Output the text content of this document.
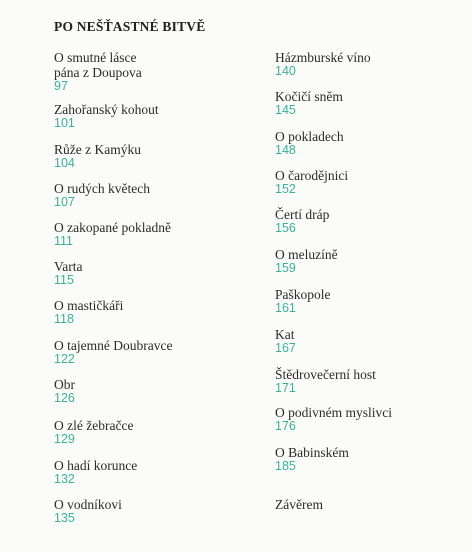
PO NEŠŤASTNÉ BITVĚ
O smutné lásce
pána z Doupova
97
Zahořanský kohout
101
Růže z Kamýku
104
O rudých květech
107
O zakopané pokladně
111
Varta
115
O mastičkáři
118
O tajemné Doubravce
122
Obr
126
O zlé žebračce
129
O hadí korunce
132
O vodníkovi
135
Házmburské víno
140
Kočičí sněm
145
O pokladech
148
O čarodějnici
152
Čertí dráp
156
O meluzíně
159
Paškopole
161
Kat
167
Štědrovečerní host
171
O podivném myslivci
176
O Babinském
185
Závěrem
